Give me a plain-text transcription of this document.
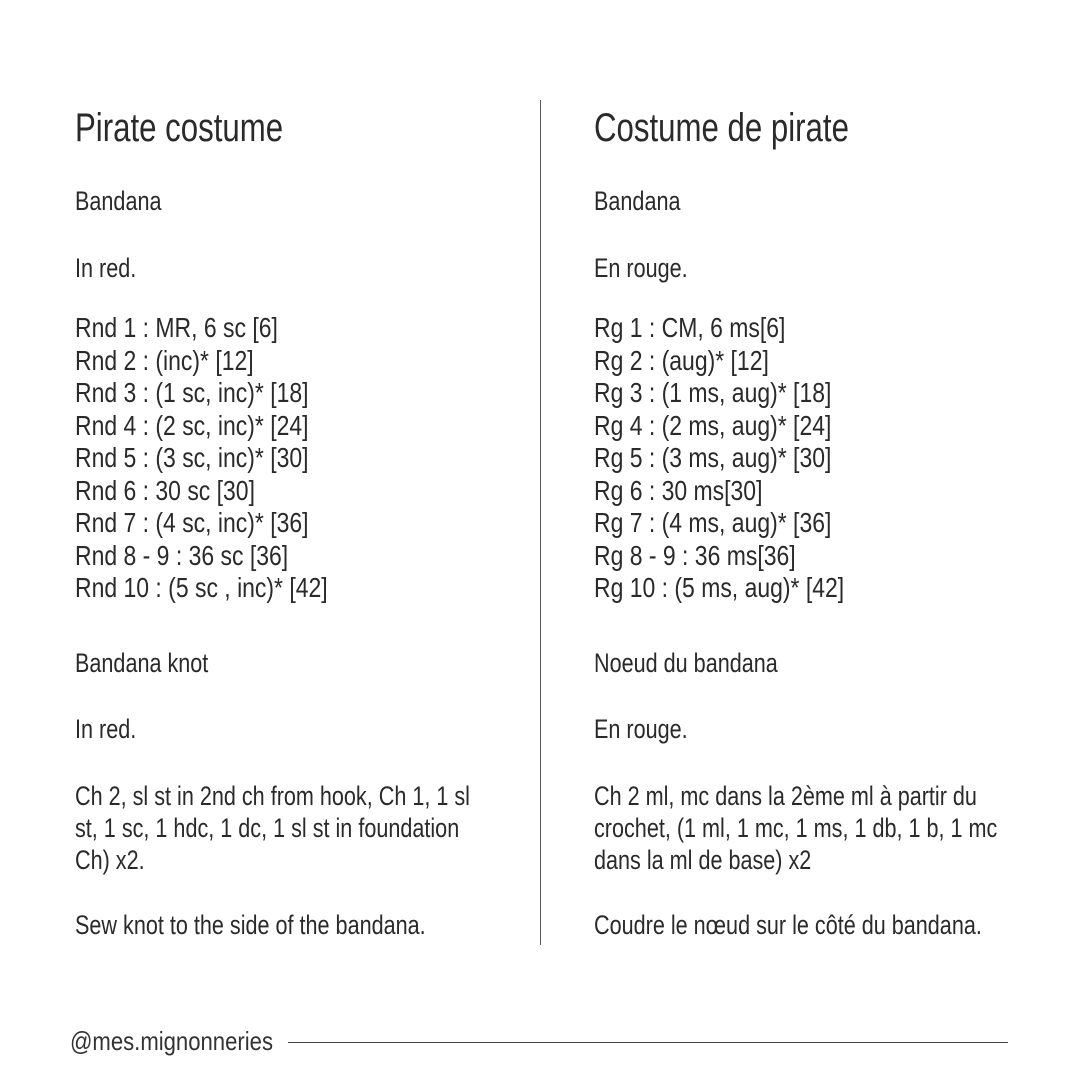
Pirate costume
Bandana
In red.
Rnd 1 : MR, 6 sc [6]
Rnd 2 : (inc)* [12]
Rnd 3 : (1 sc, inc)* [18]
Rnd 4 : (2 sc, inc)* [24]
Rnd 5 : (3 sc, inc)* [30]
Rnd 6 : 30 sc [30]
Rnd 7 : (4 sc, inc)* [36]
Rnd 8 - 9 : 36 sc [36]
Rnd 10 : (5 sc , inc)* [42]
Bandana knot
In red.
Ch 2, sl st in 2nd ch from hook, Ch 1, 1 sl st, 1 sc, 1 hdc, 1 dc, 1 sl st in foundation Ch) x2.
Sew knot to the side of the bandana.
Costume de pirate
Bandana
En rouge.
Rg 1 : CM, 6 ms[6]
Rg 2 : (aug)* [12]
Rg 3 : (1 ms, aug)* [18]
Rg 4 : (2 ms, aug)* [24]
Rg 5 : (3 ms, aug)* [30]
Rg 6 : 30 ms[30]
Rg 7 : (4 ms, aug)* [36]
Rg 8 - 9 : 36 ms[36]
Rg 10 : (5 ms, aug)* [42]
Noeud du bandana
En rouge.
Ch 2 ml, mc dans la 2ème ml à partir du crochet, (1 ml, 1 mc, 1 ms, 1 db, 1 b, 1 mc dans la ml de base) x2
Coudre le nœud sur le côté du bandana.
@mes.mignonneries
